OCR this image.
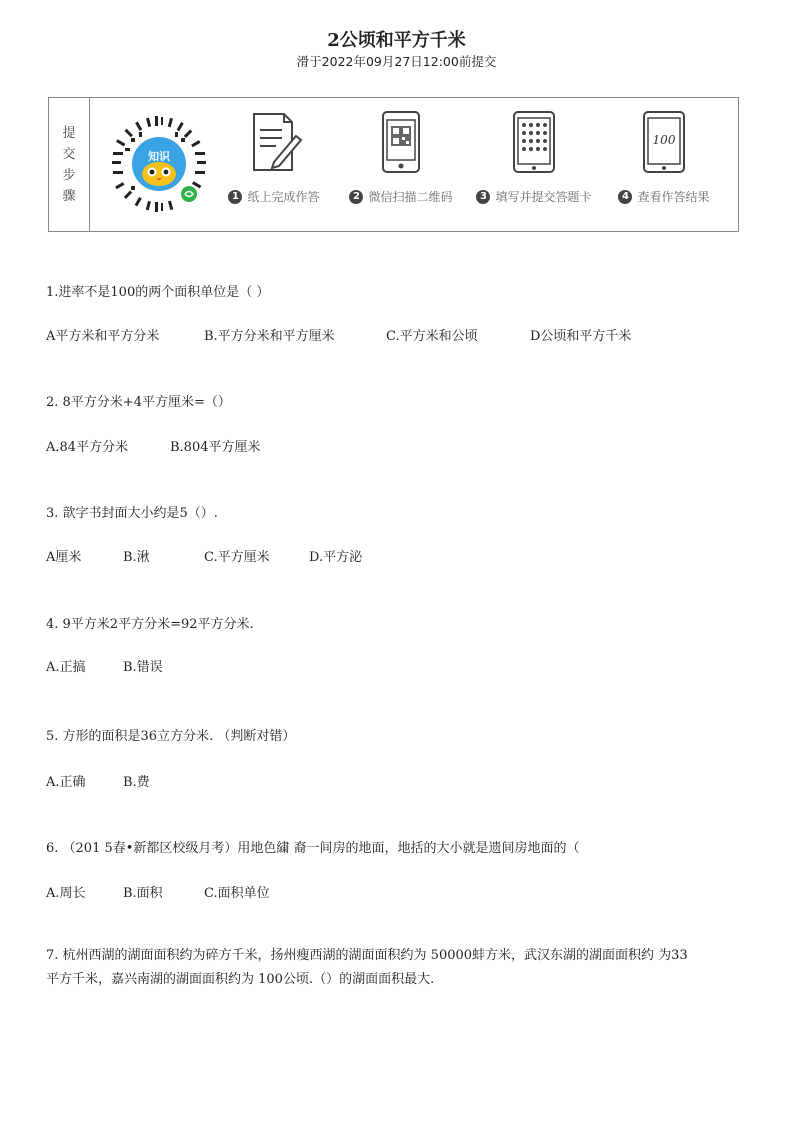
2公顷和平方千米
滑于2022年09月27日12:00前提交
提
交
步
骤
知识
1 纸上完成作答	2 微信扫描二维码	3 填写并提交答题卡
100
4 查看作答结果
1.进率不是100的两个面积单位是（ ）
A平方米和平方分米	B.平方分米和平方厘米	C.平方米和公顷	D公顷和平方千米
2. 8平方分米+4平方厘米=（）
A.84平方分米	B.804平方厘米
3. 歆字书封面大小约是5（）.
A厘米	B.湫	C.平方厘米	D.平方泌
4. 9平方米2平方分米=92平方分米.
A.正搞	B.错误
5. 方形的面积是36立方分米. （判断对错）
A.正确	B.费
6. （201 5春•新都区校级月考）用地色繍 裔一间房的地面，地括的大小就是遗间房地面的（
A.周长	B.面积	C.面积单位
7. 杭州西湖的湖面面积约为碎方千米，扬州瘦西湖的湖面面积约为 50000蚌方米，武汉东湖的湖面面积约 为33
平方千米，嘉兴南湖的湖面面积约为 100公顷.（）的湖面面积最大.
